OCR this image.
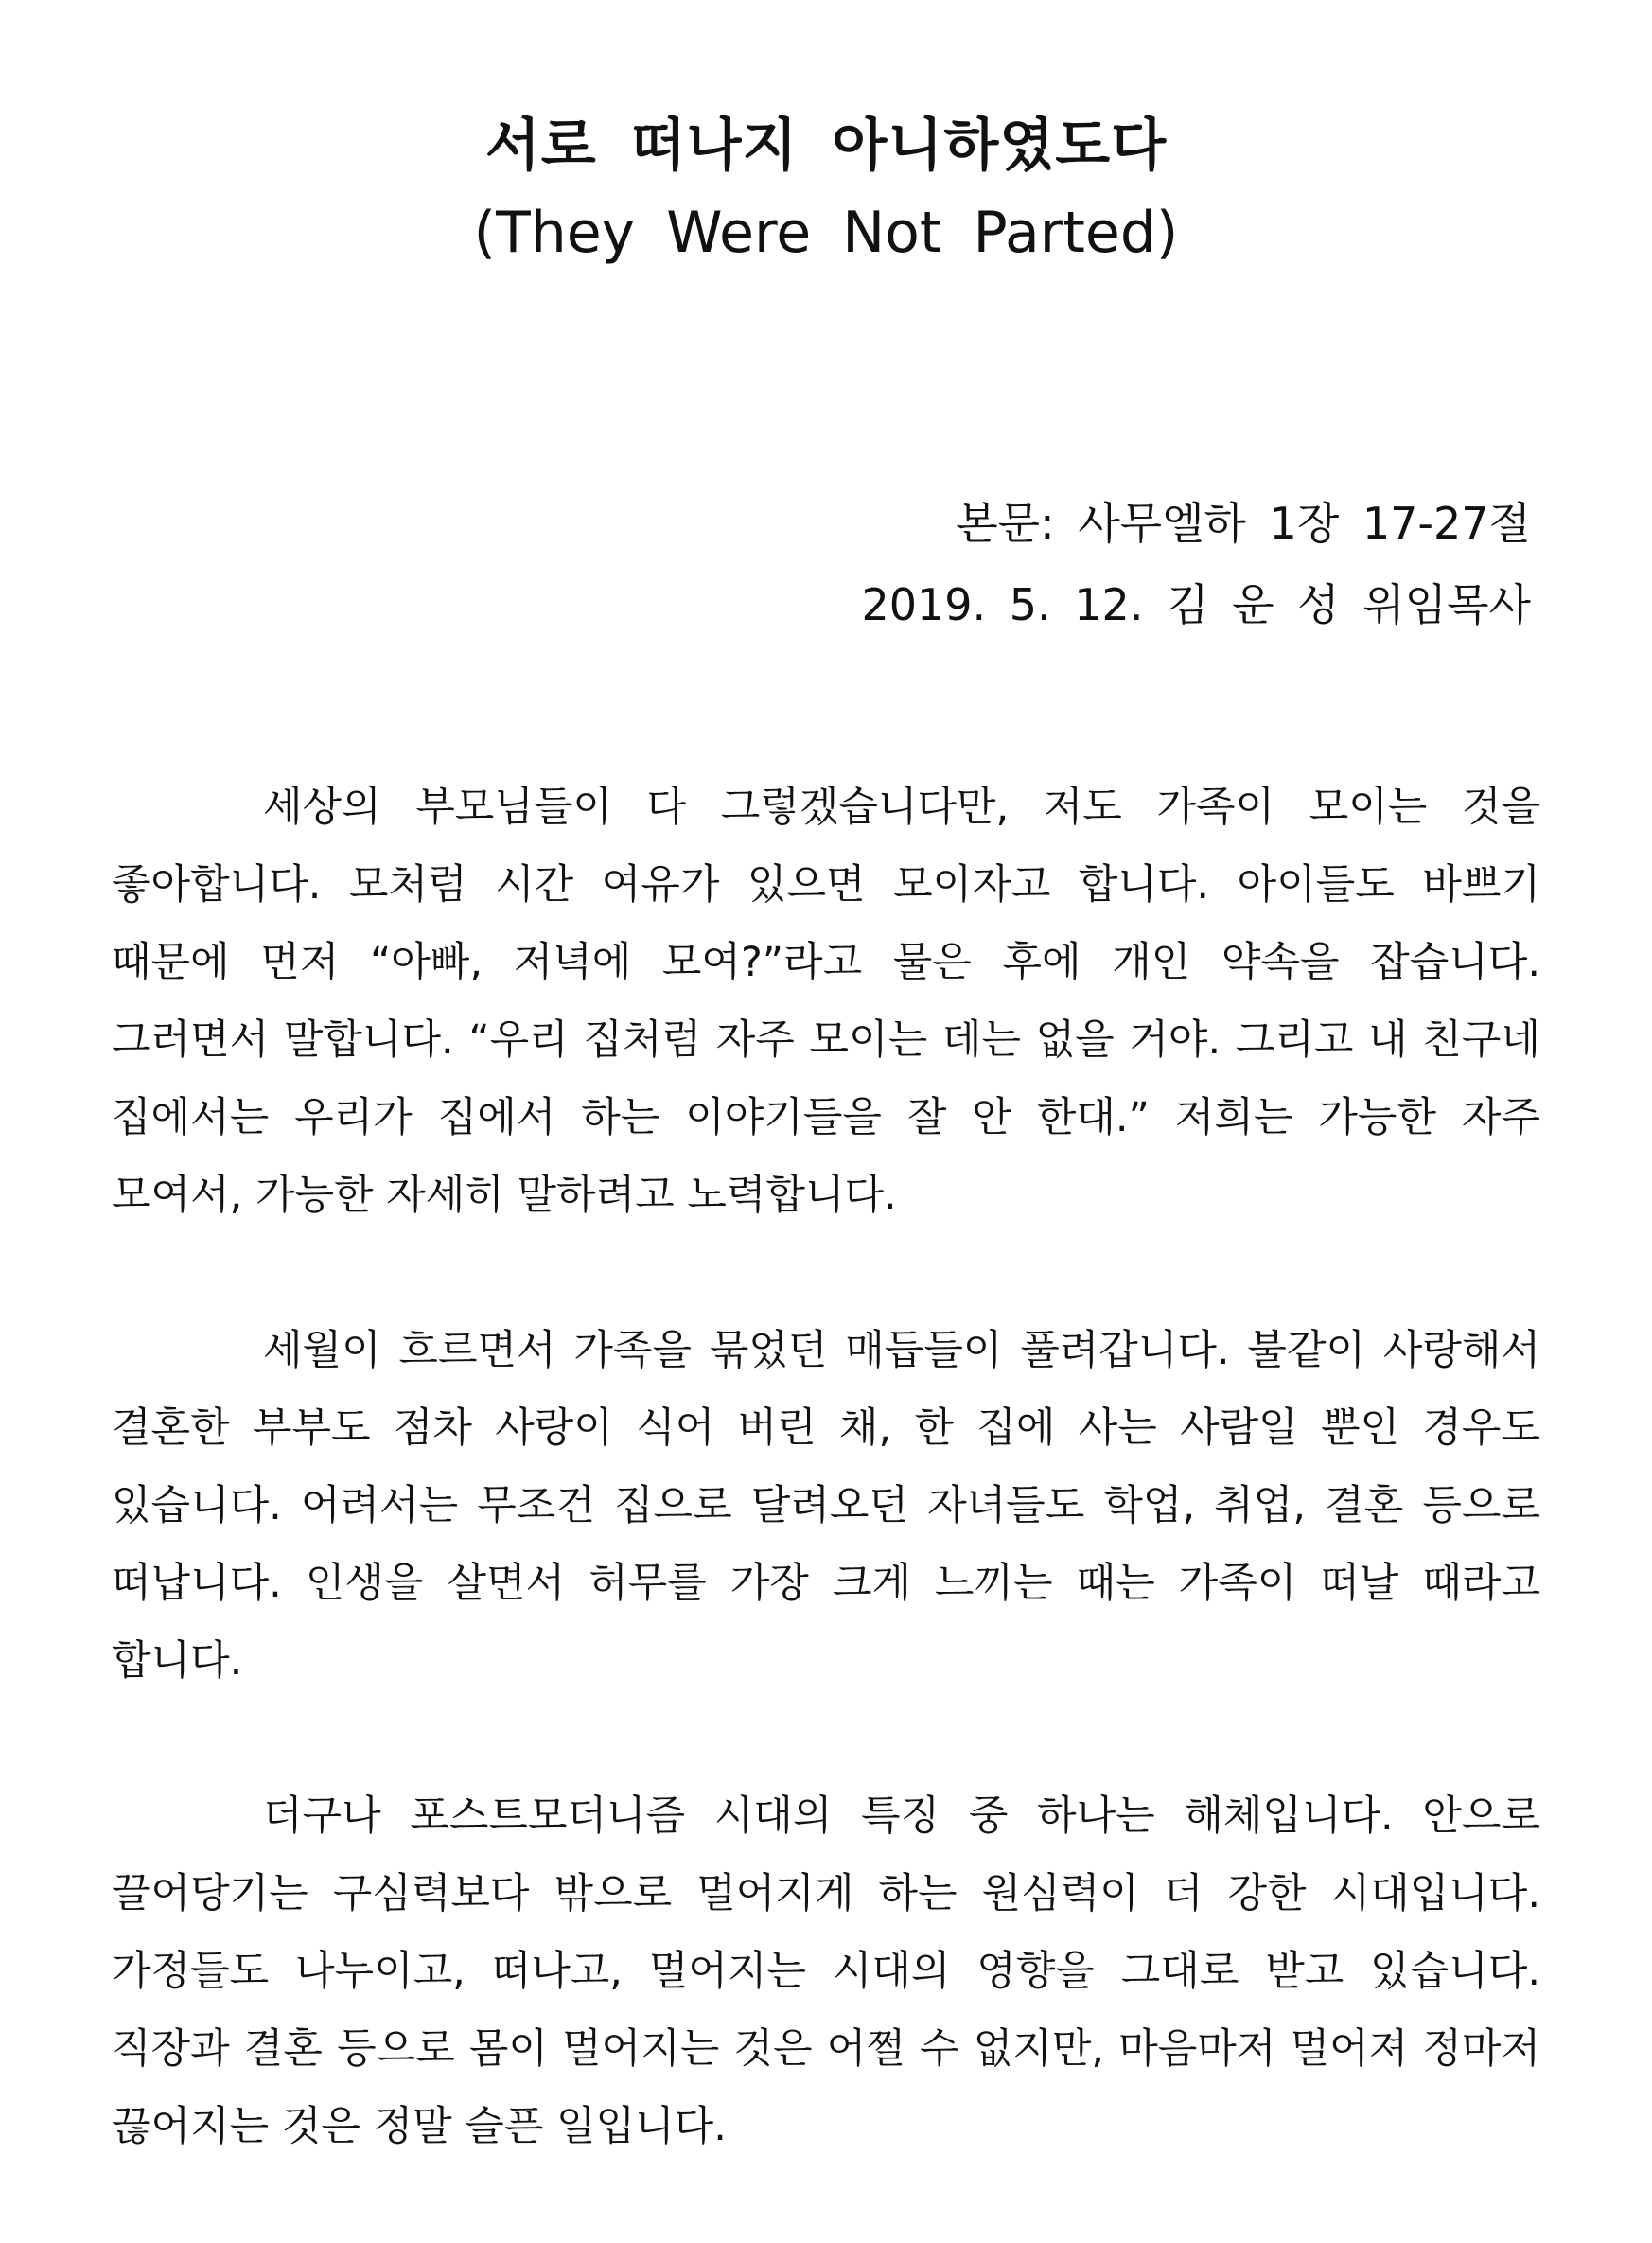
서로 떠나지 아니하였도다
(They Were Not Parted)
본문: 사무엘하 1장 17-27절
2019. 5. 12. 김 운 성 위임목사

세상의 부모님들이 다 그렇겠습니다만, 저도 가족이 모이는 것을 좋아합니다. 모처럼 시간 여유가 있으면 모이자고 합니다. 아이들도 바쁘기 때문에 먼저 “아빠, 저녁에 모여?”라고 물은 후에 개인 약속을 잡습니다. 그러면서 말합니다. “우리 집처럼 자주 모이는 데는 없을 거야. 그리고 내 친구네 집에서는 우리가 집에서 하는 이야기들을 잘 안 한대.” 저희는 가능한 자주 모여서, 가능한 자세히 말하려고 노력합니다.

세월이 흐르면서 가족을 묶었던 매듭들이 풀려갑니다. 불같이 사랑해서 결혼한 부부도 점차 사랑이 식어 버린 채, 한 집에 사는 사람일 뿐인 경우도 있습니다. 어려서는 무조건 집으로 달려오던 자녀들도 학업, 취업, 결혼 등으로 떠납니다. 인생을 살면서 허무를 가장 크게 느끼는 때는 가족이 떠날 때라고 합니다.

더구나 포스트모더니즘 시대의 특징 중 하나는 해체입니다. 안으로 끌어당기는 구심력보다 밖으로 멀어지게 하는 원심력이 더 강한 시대입니다. 가정들도 나누이고, 떠나고, 멀어지는 시대의 영향을 그대로 받고 있습니다. 직장과 결혼 등으로 몸이 멀어지는 것은 어쩔 수 없지만, 마음마저 멀어져 정마저 끊어지는 것은 정말 슬픈 일입니다.
